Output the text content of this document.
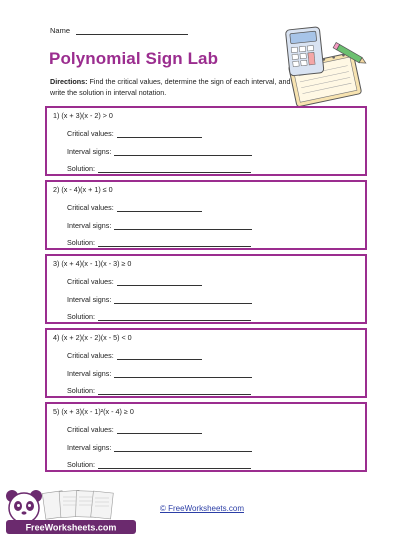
Name
Polynomial Sign Lab
Directions: Find the critical values, determine the sign of each interval, and write the solution in interval notation.
1) (x + 3)(x - 2) > 0
Critical values:
Interval signs:
Solution:
2) (x - 4)(x + 1) ≤ 0
Critical values:
Interval signs:
Solution:
3) (x + 4)(x - 1)(x - 3) ≥ 0
Critical values:
Interval signs:
Solution:
4) (x + 2)(x - 2)(x - 5) < 0
Critical values:
Interval signs:
Solution:
5) (x + 3)(x - 1)²(x - 4) ≥ 0
Critical values:
Interval signs:
Solution:
FreeWorksheets.com
© FreeWorksheets.com
